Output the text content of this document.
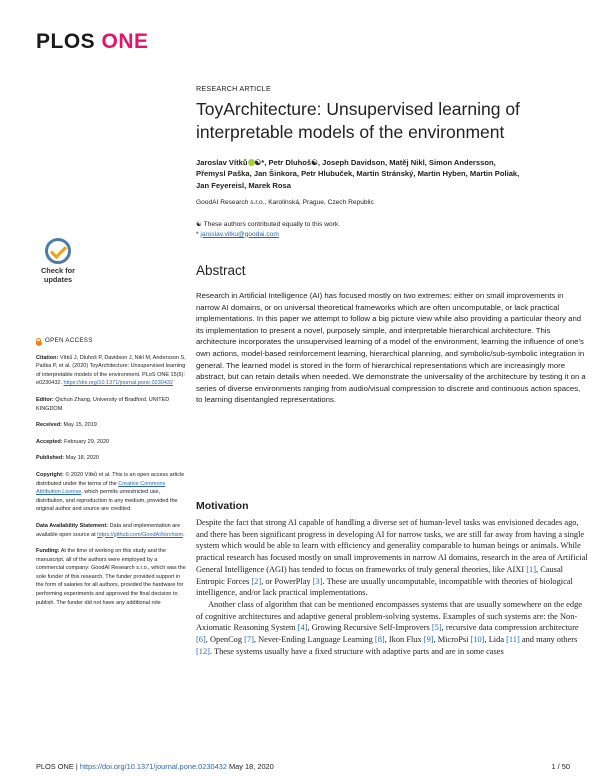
PLOS ONE
Check for
updates
OPEN ACCESS
Citation: Vítků J, Dluhoš P, Davidson J, Nikl M, Andersson S, Paška P, et al. (2020) ToyArchitecture: Unsupervised learning of interpretable models of the environment. PLoS ONE 15(5): e0230432. https://doi.org/10.1371/journal.pone.0230432
Editor: Qichun Zhang, University of Bradford, UNITED KINGDOM
Received: May 15, 2019
Accepted: February 29, 2020
Published: May 18, 2020
Copyright: © 2020 Vítků et al. This is an open access article distributed under the terms of the Creative Commons Attribution License, which permits unrestricted use, distribution, and reproduction in any medium, provided the original author and source are credited.
Data Availability Statement: Data and implementation are available open source at https://github.com/GoodAI/torchsim.
Funding: At the time of working on this study and the manuscript, all of the authors were employed by a commercial company: GoodAI Research s.r.o., which was the sole funder of this research. The funder provided support in the form of salaries for all authors, provided the hardware for performing experiments and approved the final decision to publish. The funder did not have any additional role
RESEARCH ARTICLE
ToyArchitecture: Unsupervised learning of interpretable models of the environment
Jaroslav Vítků ☯*, Petr Dluhoš☯, Joseph Davidson, Matěj Nikl, Simon Andersson,
Přemysl Paška, Jan Šinkora, Petr Hlubuček, Martin Stránský, Martin Hyben, Martin Poliak,
Jan Feyereisl, Marek Rosa
GoodAI Research s.r.o., Karolinská, Prague, Czech Republic
☯ These authors contributed equally to this work.
* jaroslav.vitku@goodai.com
Abstract

Research in Artificial Intelligence (AI) has focused mostly on two extremes: either on small improvements in narrow AI domains, or on universal theoretical frameworks which are often uncomputable, or lack practical implementations. In this paper we attempt to follow a big picture view while also providing a particular theory and its implementation to present a novel, purposely simple, and interpretable hierarchical architecture. This architecture incorporates the unsupervised learning of a model of the environment, learning the influence of one's own actions, model-based reinforcement learning, hierarchical planning, and symbolic/sub-symbolic integration in general. The learned model is stored in the form of hierarchical representations which are increasingly more abstract, but can retain details when needed. We demonstrate the universality of the architecture by testing it on a series of diverse environments ranging from audio/visual compression to discrete and continuous action spaces, to learning disentangled representations.

Motivation

Despite the fact that strong AI capable of handling a diverse set of human-level tasks was envisioned decades ago, and there has been significant progress in developing AI for narrow tasks, we are still far away from having a single system which would be able to learn with efficiency and generality comparable to human beings or animals. While practical research has focused mostly on small improvements in narrow AI domains, research in the area of Artificial General Intelligence (AGI) has tended to focus on frameworks of truly general theories, like AIXI [1], Causal Entropic Forces [2], or PowerPlay [3]. These are usually uncomputable, incompatible with theories of biological intelligence, and/or lack practical implementations.

Another class of algorithm that can be mentioned encompasses systems that are usually somewhere on the edge of cognitive architectures and adaptive general problem-solving systems. Examples of such systems are: the Non-Axiomatic Reasoning System [4], Growing Recursive Self-Improvers [5], recursive data compression architecture [6], OpenCog [7], Never-Ending Language Learning [8], Ikon Flux [9], MicroPsi [10], Lida [11] and many others [12]. These systems usually have a fixed structure with adaptive parts and are in some cases

PLOS ONE | https://doi.org/10.1371/journal.pone.0230432 May 18, 2020	1 / 50
